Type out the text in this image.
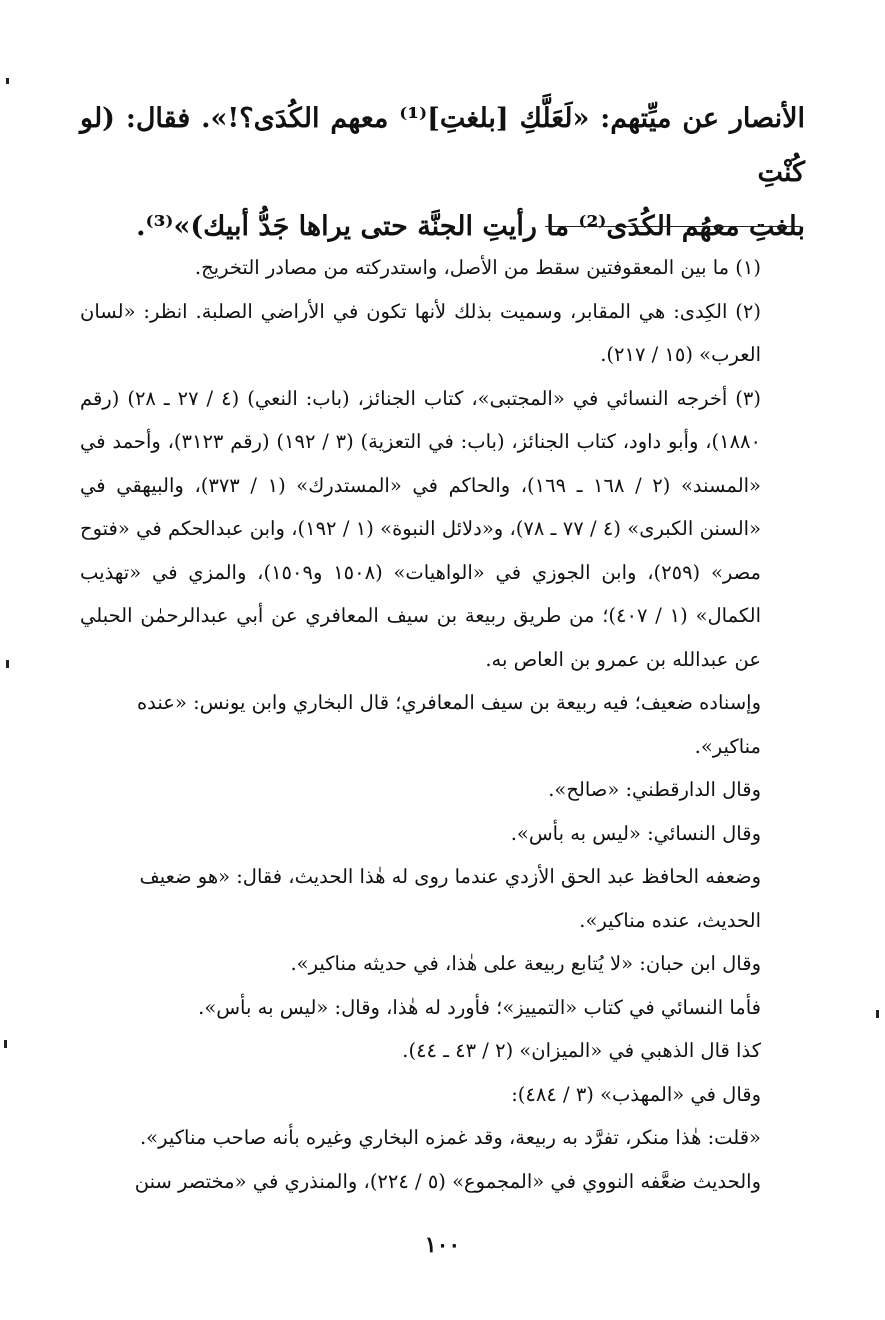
الأنصار عن ميِّتهم: «لَعَلَّكِ [بلغتِ]⁽¹⁾ معهم الكُدَى؟!». فقال: (لو كُنْتِ

بلغتِ معهُم الكُدَى⁽²⁾ ما رأيتِ الجنَّة حتى يراها جَدُّ أبيك)»⁽³⁾.

(١) ما بين المعقوفتين سقط من الأصل، واستدركته من مصادر التخريج.

(٢) الكِدى: هي المقابر، وسميت بذلك لأنها تكون في الأراضي الصلبة. انظر: «لسان العرب» (١٥ / ٢١٧).

(٣) أخرجه النسائي في «المجتبى»، كتاب الجنائز، (باب: النعي) (٤ / ٢٧ ـ ٢٨) (رقم ١٨٨٠)، وأبو داود، كتاب الجنائز، (باب: في التعزية) (٣ / ١٩٢) (رقم ٣١٢٣)، وأحمد في «المسند» (٢ / ١٦٨ ـ ١٦٩)، والحاكم في «المستدرك» (١ / ٣٧٣)، والبيهقي في «السنن الكبرى» (٤ / ٧٧ ـ ٧٨)، و«دلائل النبوة» (١ / ١٩٢)، وابن عبدالحكم في «فتوح مصر» (٢٥٩)، وابن الجوزي في «الواهيات» (١٥٠٨ و١٥٠٩)، والمزي في «تهذيب الكمال» (١ / ٤٠٧)؛ من طريق ربيعة بن سيف المعافري عن أبي عبدالرحمٰن الحبلي عن عبدالله بن عمرو بن العاص به.

وإسناده ضعيف؛ فيه ربيعة بن سيف المعافري؛ قال البخاري وابن يونس: «عنده مناكير».

وقال الدارقطني: «صالح».

وقال النسائي: «ليس به بأس».

وضعفه الحافظ عبد الحق الأزدي عندما روى له هٰذا الحديث، فقال: «هو ضعيف الحديث، عنده مناكير».

وقال ابن حبان: «لا يُتابع ربيعة على هٰذا، في حديثه مناكير».

فأما النسائي في كتاب «التمييز»؛ فأورد له هٰذا، وقال: «ليس به بأس».

كذا قال الذهبي في «الميزان» (٢ / ٤٣ ـ ٤٤).

وقال في «المهذب» (٣ / ٤٨٤):

«قلت: هٰذا منكر، تفرَّد به ربيعة، وقد غمزه البخاري وغيره بأنه صاحب مناكير».

والحديث ضعَّفه النووي في «المجموع» (٥ / ٢٢٤)، والمنذري في «مختصر سنن

١٠٠
